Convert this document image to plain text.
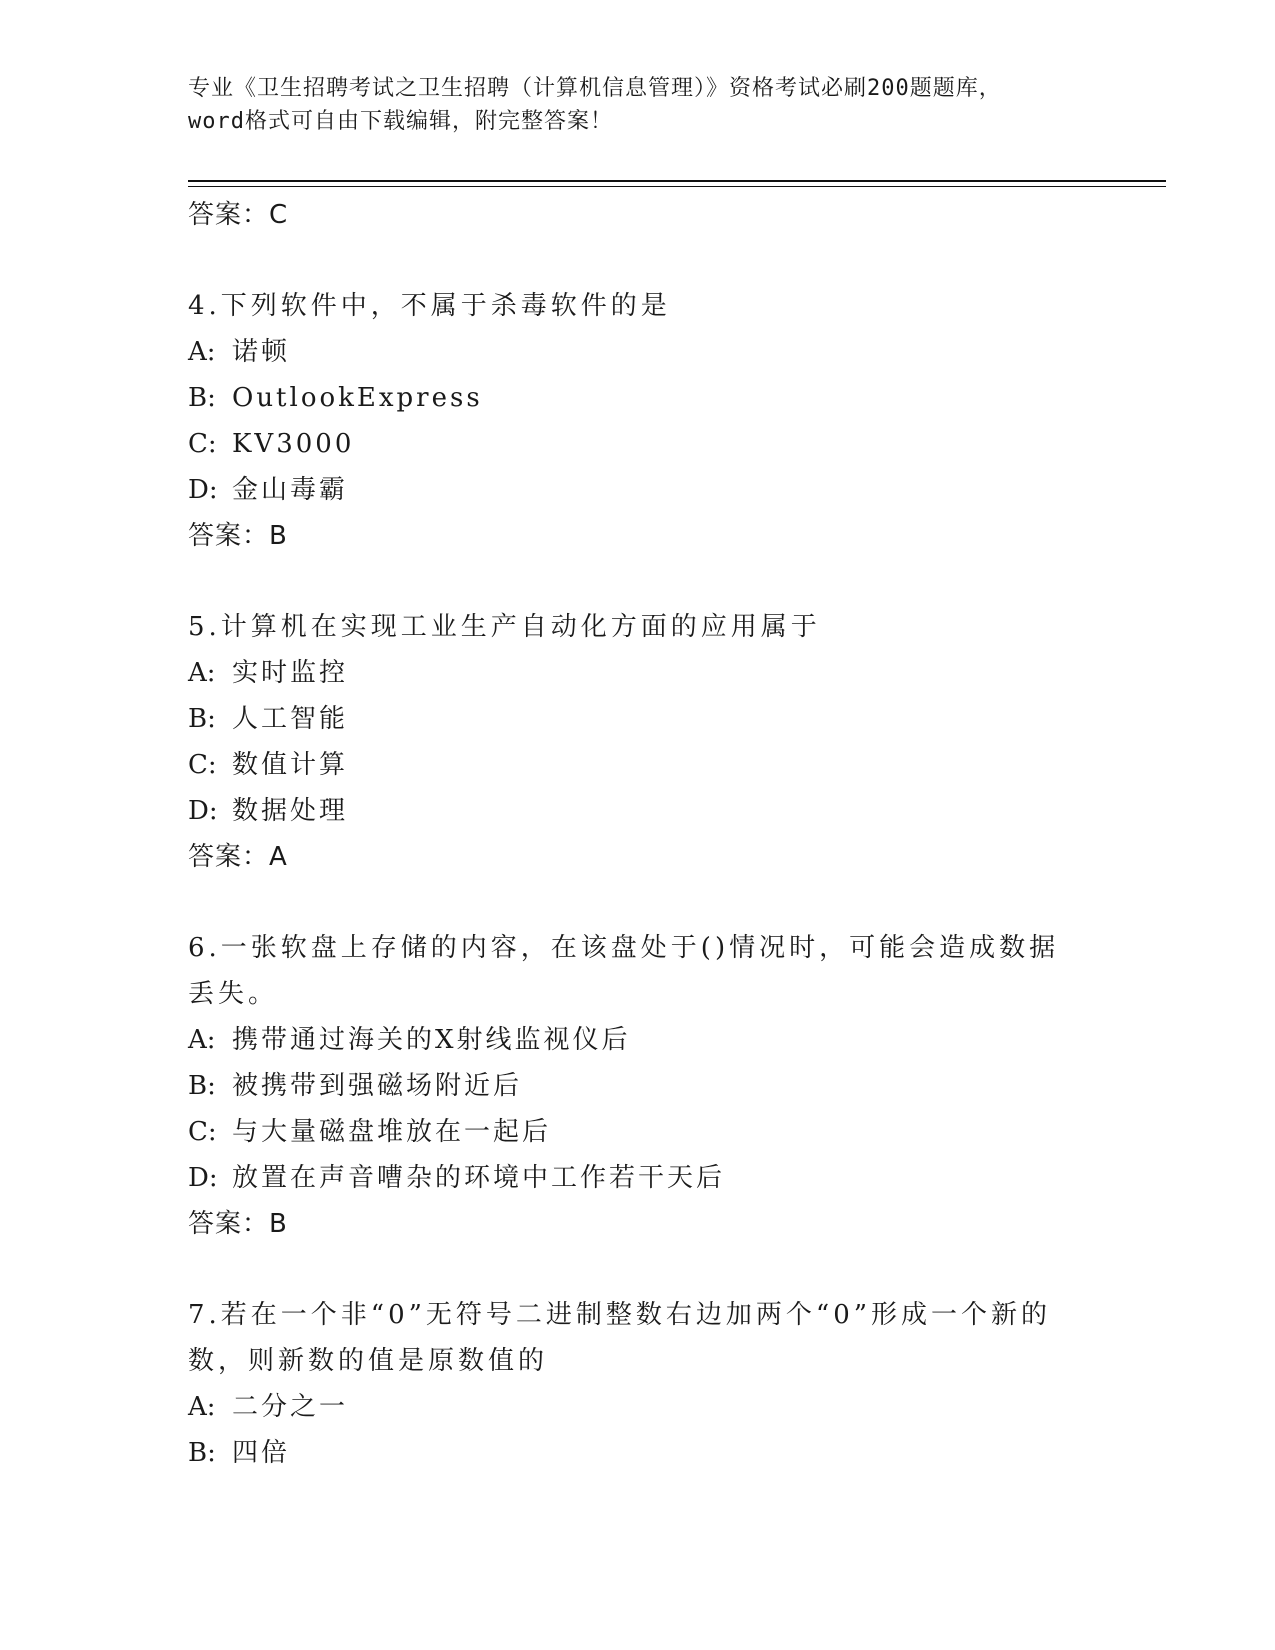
专业《卫生招聘考试之卫生招聘（计算机信息管理）》资格考试必刷200题题库，
word格式可自由下载编辑，附完整答案！
答案：C
4.下列软件中，不属于杀毒软件的是
A: 诺顿
B: OutlookExpress
C: KV3000
D: 金山毒霸
答案：B
5.计算机在实现工业生产自动化方面的应用属于
A: 实时监控
B: 人工智能
C: 数值计算
D: 数据处理
答案：A
6.一张软盘上存储的内容，在该盘处于()情况时，可能会造成数据丢失。
A: 携带通过海关的X射线监视仪后
B: 被携带到强磁场附近后
C: 与大量磁盘堆放在一起后
D: 放置在声音嘈杂的环境中工作若干天后
答案：B
7.若在一个非“0”无符号二进制整数右边加两个“0”形成一个新的数，则新数的值是原数值的
A: 二分之一
B: 四倍
